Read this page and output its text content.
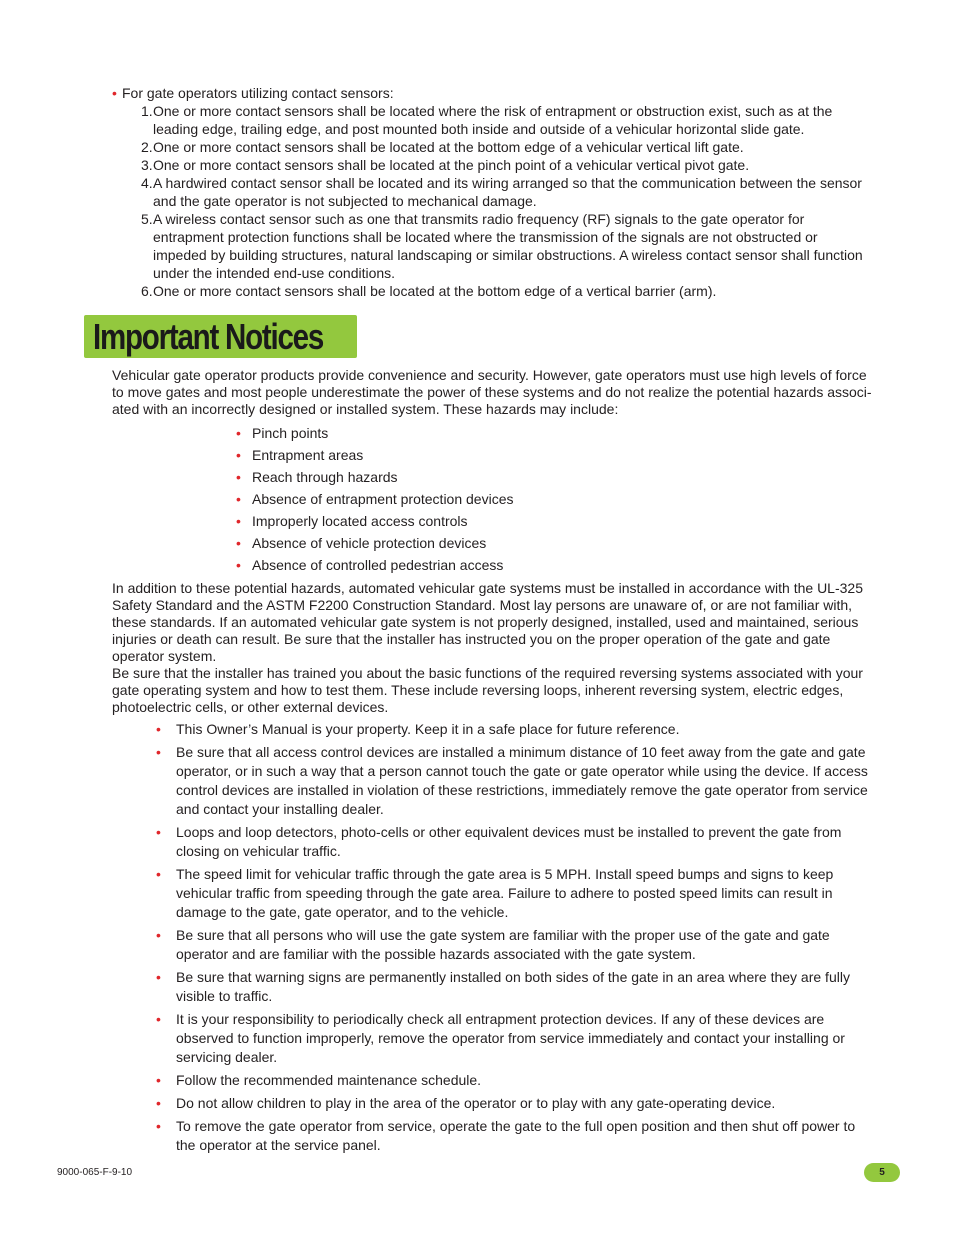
• For gate operators utilizing contact sensors:
1. One or more contact sensors shall be located where the risk of entrapment or obstruction exist, such as at the leading edge, trailing edge, and post mounted both inside and outside of a vehicular horizontal slide gate.
2. One or more contact sensors shall be located at the bottom edge of a vehicular vertical lift gate.
3. One or more contact sensors shall be located at the pinch point of a vehicular vertical pivot gate.
4. A hardwired contact sensor shall be located and its wiring arranged so that the communication between the sensor and the gate operator is not subjected to mechanical damage.
5. A wireless contact sensor such as one that transmits radio frequency (RF) signals to the gate operator for entrapment protection functions shall be located where the transmission of the signals are not obstructed or impeded by building structures, natural landscaping or similar obstructions. A wireless contact sensor shall function under the intended end-use conditions.
6. One or more contact sensors shall be located at the bottom edge of a vertical barrier (arm).
Important Notices

Vehicular gate operator products provide convenience and security. However, gate operators must use high levels of force to move gates and most people underestimate the power of these systems and do not realize the potential hazards associ-ated with an incorrectly designed or installed system. These hazards may include:

• Pinch points
• Entrapment areas
• Reach through hazards
• Absence of entrapment protection devices
• Improperly located access controls
• Absence of vehicle protection devices
• Absence of controlled pedestrian access

In addition to these potential hazards, automated vehicular gate systems must be installed in accordance with the UL-325 Safety Standard and the ASTM F2200 Construction Standard. Most lay persons are unaware of, or are not familiar with, these standards. If an automated vehicular gate system is not properly designed, installed, used and maintained, serious injuries or death can result. Be sure that the installer has instructed you on the proper operation of the gate and gate operator system.

Be sure that the installer has trained you about the basic functions of the required reversing systems associated with your gate operating system and how to test them. These include reversing loops, inherent reversing system, electric edges, photoelectric cells, or other external devices.

• This Owner’s Manual is your property. Keep it in a safe place for future reference.
• Be sure that all access control devices are installed a minimum distance of 10 feet away from the gate and gate operator, or in such a way that a person cannot touch the gate or gate operator while using the device. If access control devices are installed in violation of these restrictions, immediately remove the gate operator from service and contact your installing dealer.
• Loops and loop detectors, photo-cells or other equivalent devices must be installed to prevent the gate from closing on vehicular traffic.
• The speed limit for vehicular traffic through the gate area is 5 MPH. Install speed bumps and signs to keep vehicular traffic from speeding through the gate area. Failure to adhere to posted speed limits can result in damage to the gate, gate operator, and to the vehicle.
• Be sure that all persons who will use the gate system are familiar with the proper use of the gate and gate operator and are familiar with the possible hazards associated with the gate system.
• Be sure that warning signs are permanently installed on both sides of the gate in an area where they are fully visible to traffic.
• It is your responsibility to periodically check all entrapment protection devices. If any of these devices are observed to function improperly, remove the operator from service immediately and contact your installing or servicing dealer.
• Follow the recommended maintenance schedule.
• Do not allow children to play in the area of the operator or to play with any gate-operating device.
• To remove the gate operator from service, operate the gate to the full open position and then shut off power to the operator at the service panel.
9000-065-F-9-10	5
